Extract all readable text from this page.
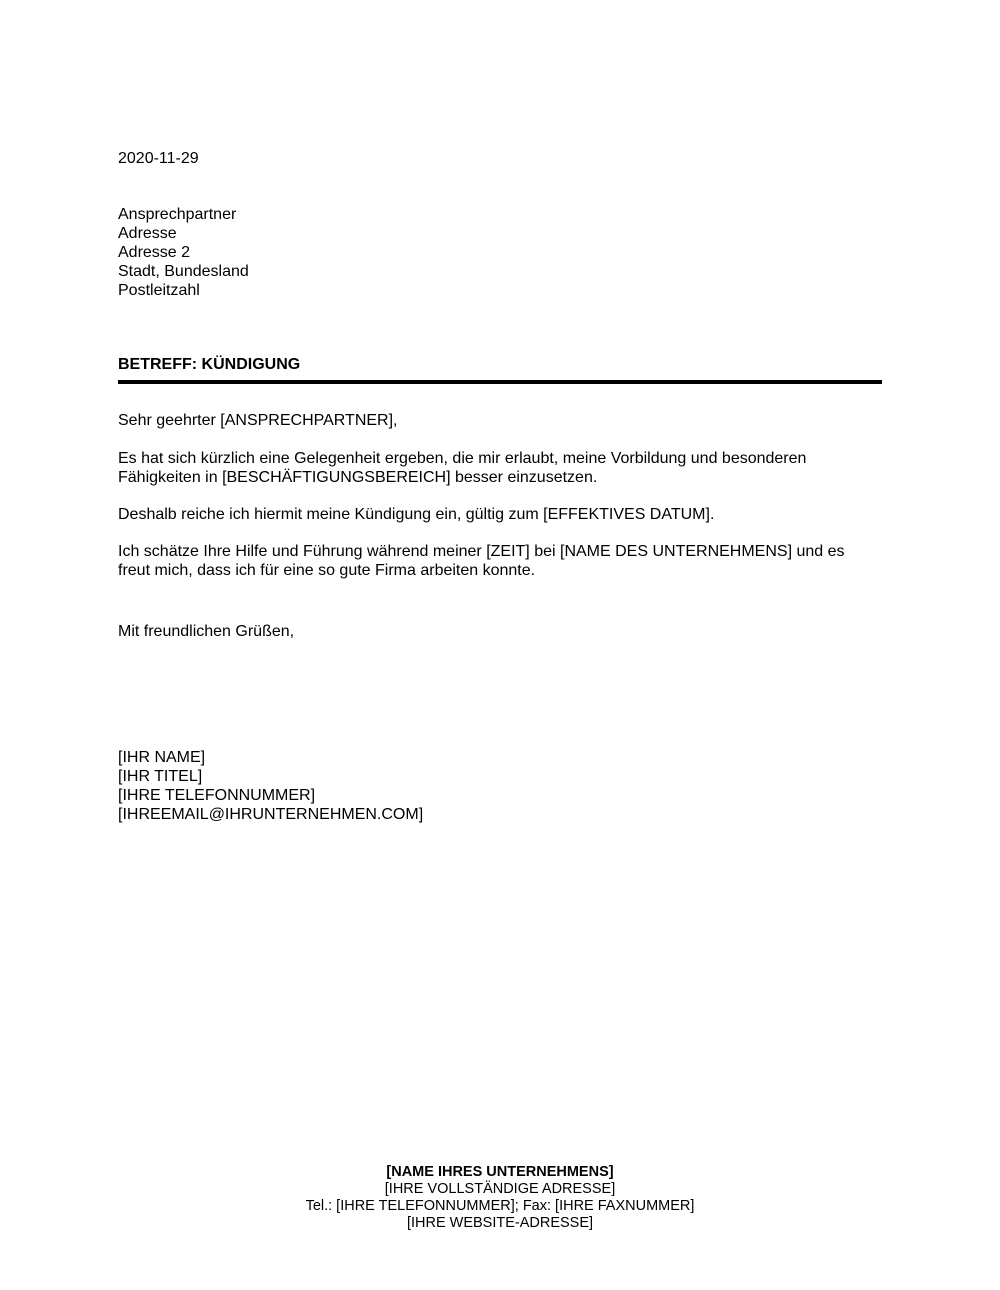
2020-11-29
Ansprechpartner
Adresse
Adresse 2
Stadt, Bundesland
Postleitzahl
BETREFF: KÜNDIGUNG
Sehr geehrter [ANSPRECHPARTNER],
Es hat sich kürzlich eine Gelegenheit ergeben, die mir erlaubt, meine Vorbildung und besonderen
Fähigkeiten in [BESCHÄFTIGUNGSBEREICH] besser einzusetzen.
Deshalb reiche ich hiermit meine Kündigung ein, gültig zum [EFFEKTIVES DATUM].
Ich schätze Ihre Hilfe und Führung während meiner [ZEIT] bei [NAME DES UNTERNEHMENS] und es
freut mich, dass ich für eine so gute Firma arbeiten konnte.
Mit freundlichen Grüßen,
[IHR NAME]
[IHR TITEL]
[IHRE TELEFONNUMMER]
[IHREEMAIL@IHRUNTERNEHMEN.COM]
[NAME IHRES UNTERNEHMENS]
[IHRE VOLLSTÄNDIGE ADRESSE]
Tel.: [IHRE TELEFONNUMMER]; Fax: [IHRE FAXNUMMER]
[IHRE WEBSITE-ADRESSE]
